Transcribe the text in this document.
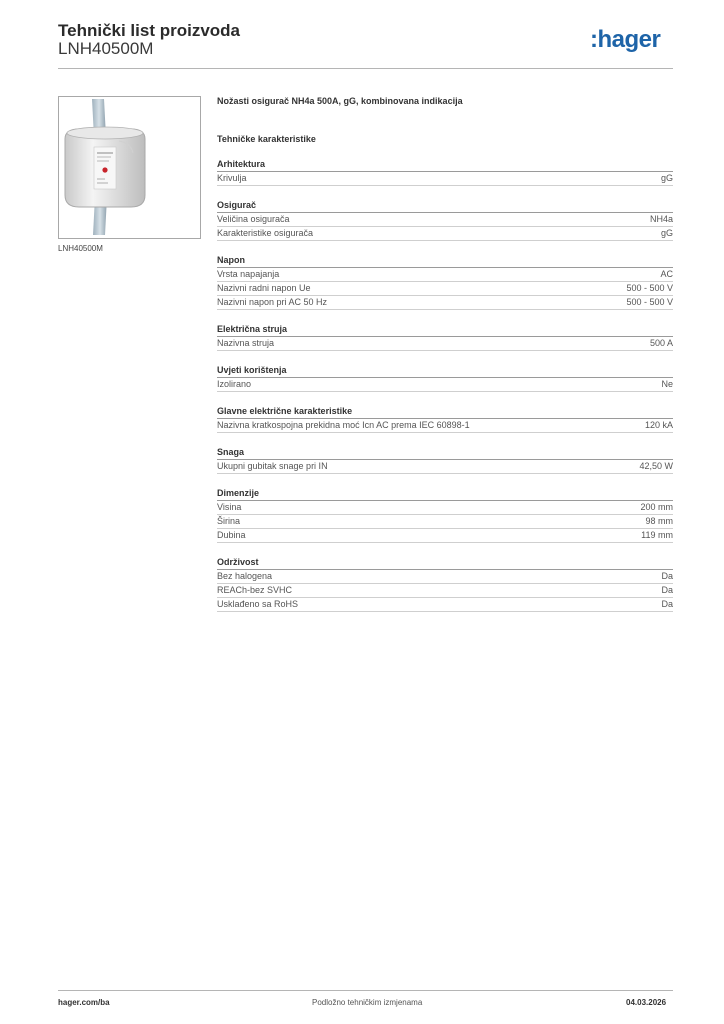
Tehnički list proizvoda
LNH40500M	:hager
LNH40500M
Nožasti osigurač NH4a 500A, gG, kombinovana indikacija
Tehničke karakteristike
Arhitektura
Krivulja	gG
Osigurač
Veličina osigurača	NH4a
Karakteristike osigurača	gG
Napon
Vrsta napajanja	AC
Nazivni radni napon Ue	500 - 500 V
Nazivni napon pri AC 50 Hz	500 - 500 V
Električna struja
Nazivna struja	500 A
Uvjeti korištenja
Izolirano	Ne
Glavne električne karakteristike
Nazivna kratkospojna prekidna moć Icn AC prema IEC 60898-1	120 kA
Snaga
Ukupni gubitak snage pri IN	42,50 W
Dimenzije
Visina	200 mm
Širina	98 mm
Dubina	119 mm
Održivost
Bez halogena	Da
REACh-bez SVHC	Da
Usklađeno sa RoHS	Da
hager.com/ba	Podložno tehničkim izmjenama	04.03.2026
